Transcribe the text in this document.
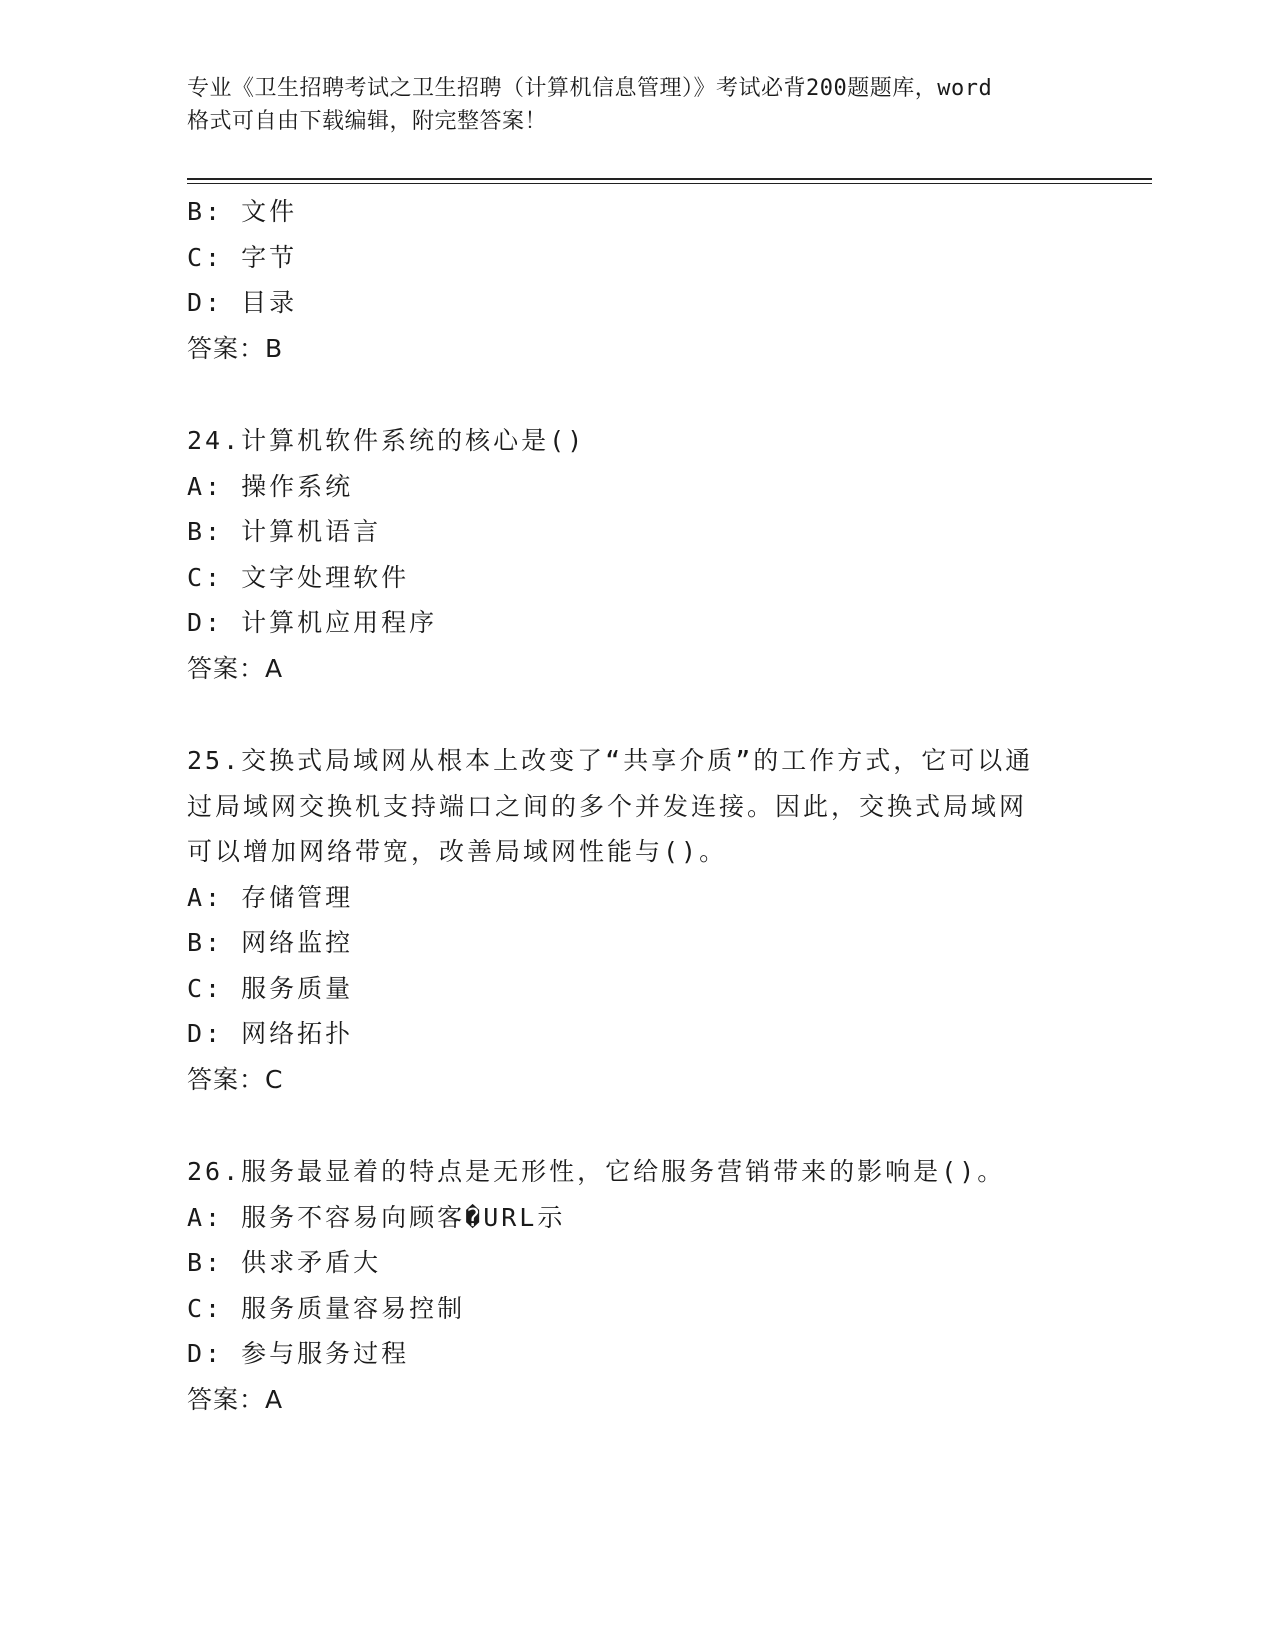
专业《卫生招聘考试之卫生招聘（计算机信息管理）》考试必背200题题库，word
格式可自由下载编辑，附完整答案！
B: 文件
C: 字节
D: 目录
答案：B
24.计算机软件系统的核心是()
A: 操作系统
B: 计算机语言
C: 文字处理软件
D: 计算机应用程序
答案：A
25.交换式局域网从根本上改变了“共享介质”的工作方式，它可以通
过局域网交换机支持端口之间的多个并发连接。因此，交换式局域网
可以增加网络带宽，改善局域网性能与()。
A: 存储管理
B: 网络监控
C: 服务质量
D: 网络拓扑
答案：C
26.服务最显着的特点是无形性，它给服务营销带来的影响是()。
A: 服务不容易向顾客�URL示
B: 供求矛盾大
C: 服务质量容易控制
D: 参与服务过程
答案：A
